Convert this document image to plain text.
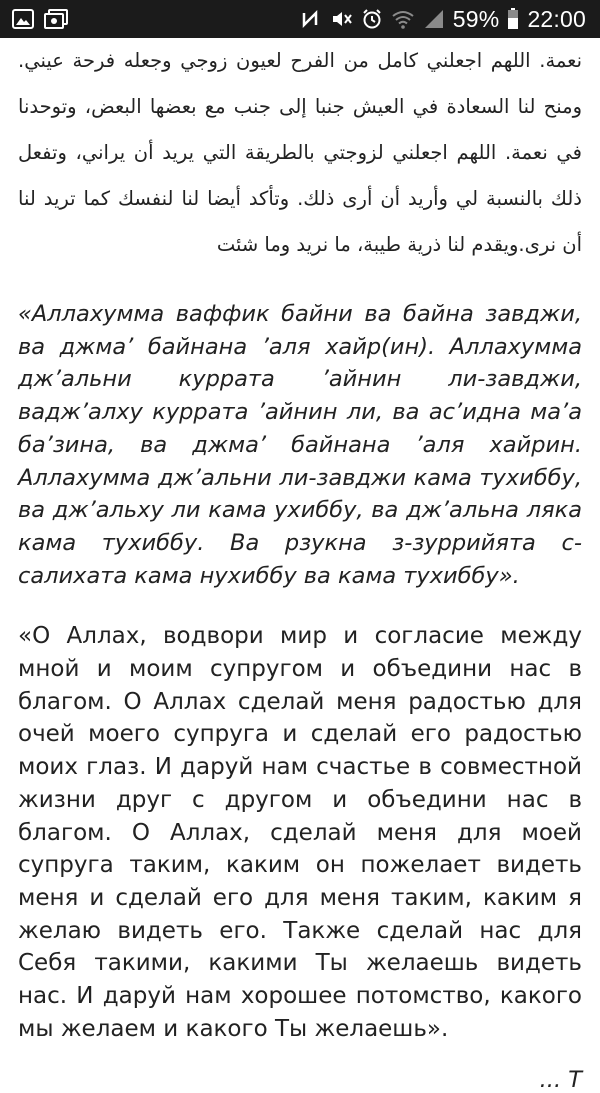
59% 22:00

نعمة. اللهم اجعلني كامل من الفرح لعيون زوجي وجعله فرحة عيني. ومنح لنا السعادة في العيش جنبا إلى جنب مع بعضها البعض، وتوحدنا في نعمة. اللهم اجعلني لزوجتي بالطريقة التي يريد أن يراني، وتفعل ذلك بالنسبة لي وأريد أن أرى ذلك. وتأكد أيضا لنا لنفسك كما تريد لنا أن نرى.ويقدم لنا ذرية طيبة، ما نريد وما شئت

«Аллахумма ваффик байни ва байна завджи, ва джма’ байнана ’аля хайр(ин). Аллахумма дж’альни куррата ’айнин ли-завджи, вадж’алху куррата ’айнин ли, ва ас’идна ма’а ба’зина, ва джма’ байнана ’аля хайрин. Аллахумма дж’альни ли-завджи кама тухиббу, ва дж’альху ли кама ухиббу, ва дж’альна ляка кама тухиббу. Ва рзукна з-зуррийята с-салихата кама нухиббу ва кама тухиббу».

«О Аллах, водвори мир и согласие между мной и моим супругом и объедини нас в благом. О Аллах сделай меня радостью для очей моего супруга и сделай его радостью моих глаз. И даруй нам счастье в совместной жизни друг с другом и объедини нас в благом. О Аллах, сделай меня для моей супруга таким, каким он пожелает видеть меня и сделай его для меня таким, каким я желаю видеть его. Также сделай нас для Себя такими, какими Ты желаешь видеть нас. И даруй нам хорошее потомство, какого мы желаем и какого Ты желаешь».

... Т
